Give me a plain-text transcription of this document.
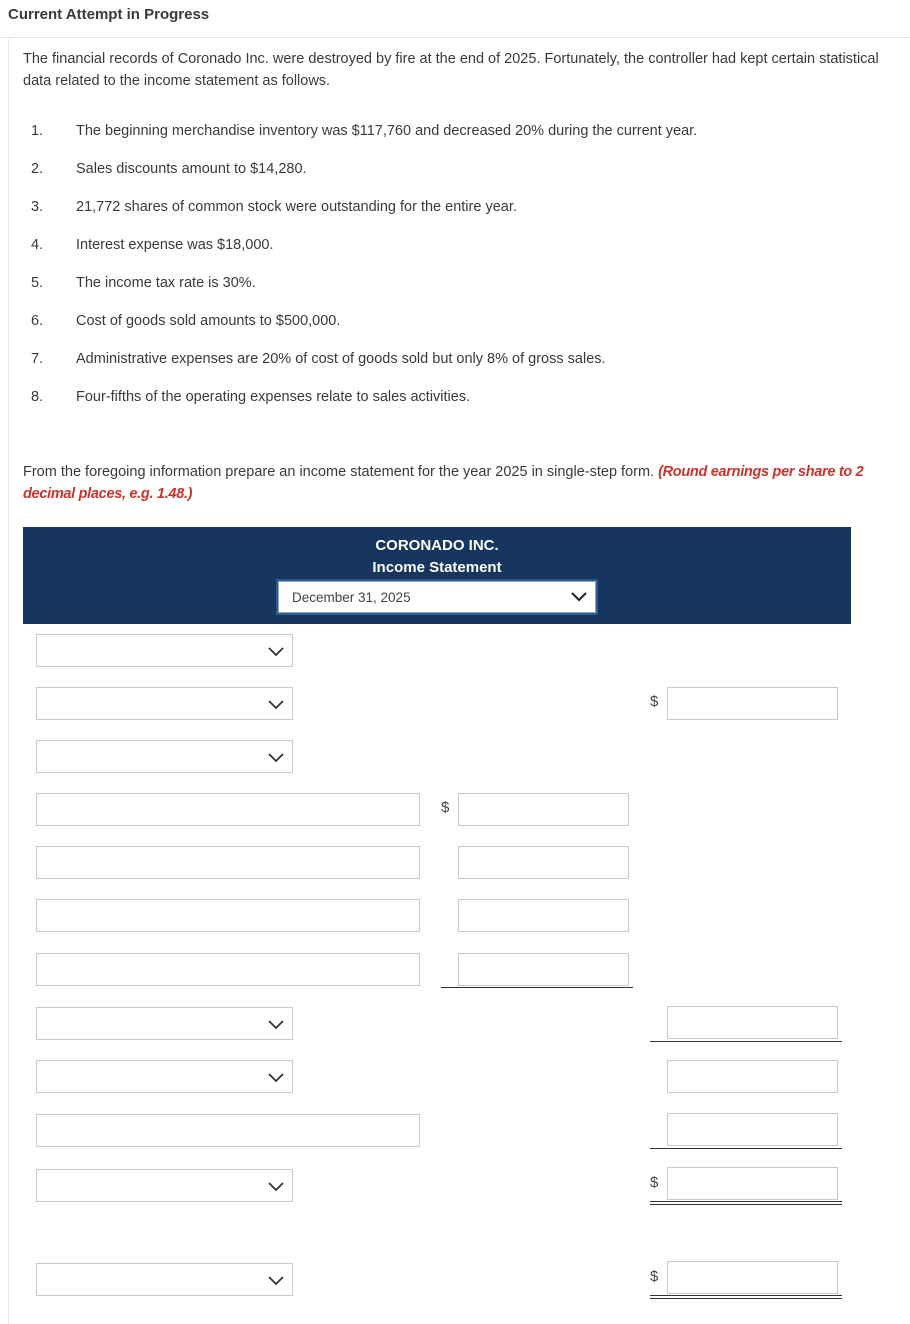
Current Attempt in Progress
The financial records of Coronado Inc. were destroyed by fire at the end of 2025. Fortunately, the controller had kept certain statistical data related to the income statement as follows.
1. The beginning merchandise inventory was $117,760 and decreased 20% during the current year.
2. Sales discounts amount to $14,280.
3. 21,772 shares of common stock were outstanding for the entire year.
4. Interest expense was $18,000.
5. The income tax rate is 30%.
6. Cost of goods sold amounts to $500,000.
7. Administrative expenses are 20% of cost of goods sold but only 8% of gross sales.
8. Four-fifths of the operating expenses relate to sales activities.
From the foregoing information prepare an income statement for the year 2025 in single-step form. (Round earnings per share to 2 decimal places, e.g. 1.48.)
CORONADO INC.
Income Statement
December 31, 2025
$
$
$
$
